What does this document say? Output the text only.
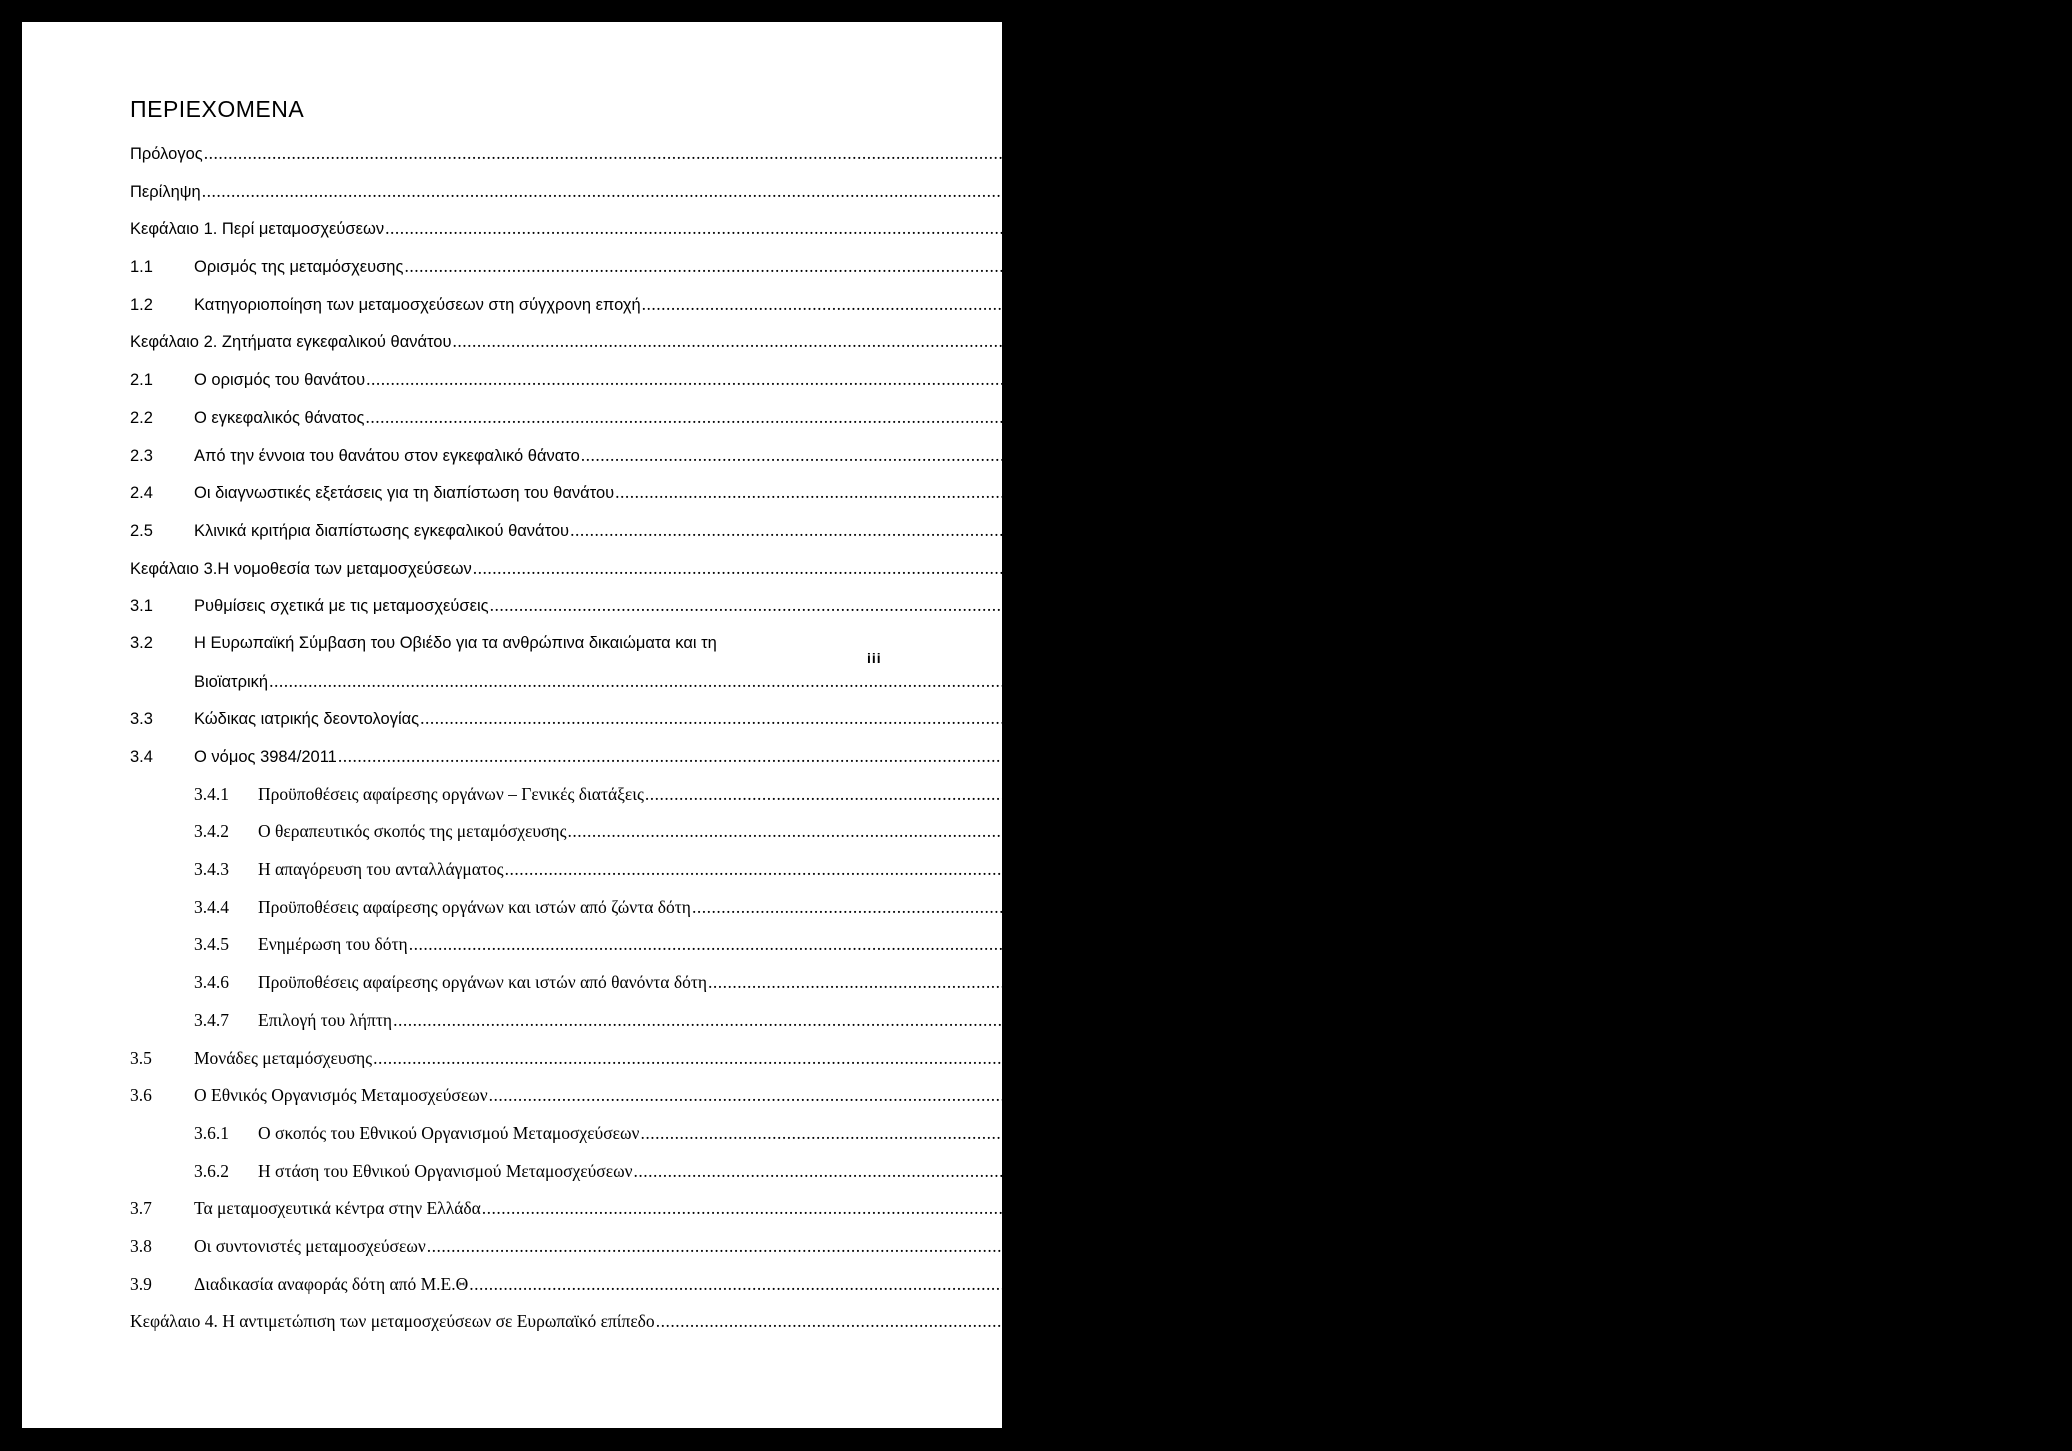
ΠΕΡΙΕΧΟΜΕΝΑ
Πρόλογος .....	i
Περίληψη .....	ii
Κεφάλαιο 1. Περί μεταμοσχεύσεων .....	5
1.1	Ορισμός της μεταμόσχευσης .....	5
1.2	Κατηγοριοποίηση των μεταμοσχεύσεων στη σύγχρονη εποχή .....	5
Κεφάλαιο 2. Ζητήματα εγκεφαλικού θανάτου .....	7
2.1	Ο ορισμός του θανάτου .....	7
2.2	Ο εγκεφαλικός θάνατος .....	7
2.3	Από την έννοια του θανάτου στον εγκεφαλικό θάνατο .....	8
2.4	Οι διαγνωστικές εξετάσεις για τη διαπίστωση του θανάτου .....	9
2.5	Κλινικά κριτήρια διαπίστωσης εγκεφαλικού θανάτου .....	10
Κεφάλαιο 3.Η νομοθεσία των μεταμοσχεύσεων .....	11
3.1	Ρυθμίσεις σχετικά με τις μεταμοσχεύσεις .....	11
3.2	Η Ευρωπαϊκή Σύμβαση του Οβιέδο για τα ανθρώπινα δικαιώματα και τη
Βιοϊατρική .....	11
3.3	Κώδικας ιατρικής δεοντολογίας .....	13
3.4	Ο νόμος 3984/2011 .....	14
3.4.1	Προϋποθέσεις αφαίρεσης οργάνων – Γενικές διατάξεις .....	15
3.4.2	Ο θεραπευτικός σκοπός της μεταμόσχευσης .....	16
3.4.3	Η απαγόρευση του ανταλλάγματος .....	16
3.4.4	Προϋποθέσεις αφαίρεσης οργάνων και ιστών από ζώντα δότη .....	17
3.4.5	Ενημέρωση του δότη .....	18
3.4.6	Προϋποθέσεις αφαίρεσης οργάνων και ιστών από θανόντα δότη .....	18
3.4.7	Επιλογή του λήπτη .....	20
3.5	Μονάδες μεταμόσχευσης .....	21
3.6	Ο Εθνικός Οργανισμός Μεταμοσχεύσεων .....	22
3.6.1	Ο σκοπός του Εθνικού Οργανισμού Μεταμοσχεύσεων .....	22
3.6.2	Η στάση του Εθνικού Οργανισμού Μεταμοσχεύσεων .....	23
3.7	Τα μεταμοσχευτικά κέντρα στην Ελλάδα .....	24
3.8	Οι συντονιστές μεταμοσχεύσεων .....	24
3.9	Διαδικασία αναφοράς δότη από Μ.Ε.Θ .....	25
Κεφάλαιο 4. Η αντιμετώπιση των μεταμοσχεύσεων σε Ευρωπαϊκό επίπεδο .....	26

iii
